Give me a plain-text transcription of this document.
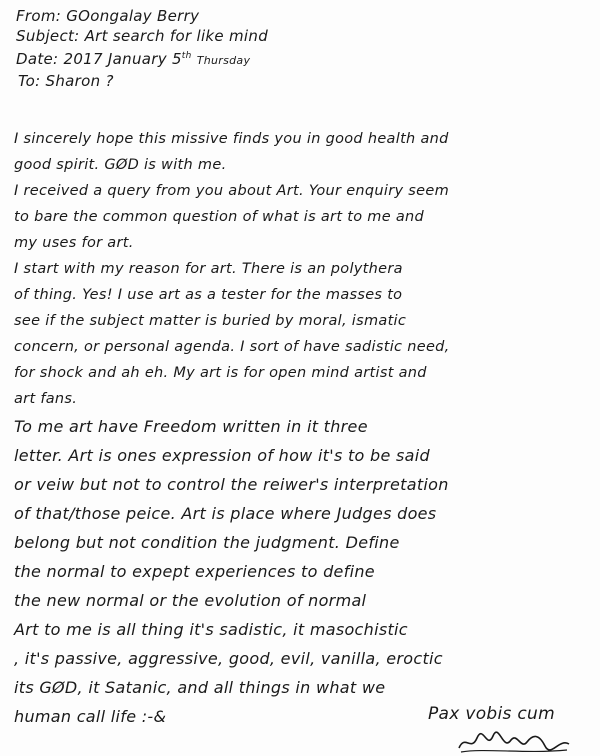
From: GOongalay Berry
Subject: Art search for like mind
Date: 2017 January 5th Thursday
To: Sharon ?
I sincerely hope this missive finds you in good health and
good spirit. GØD is with me.
I received a query from you about Art. Your enquiry seem
to bare the common question of what is art to me and
my uses for art.
I start with my reason for art. There is an polythera
of thing. Yes! I use art as a tester for the masses to
see if the subject matter is buried by moral, ismatic
concern, or personal agenda. I sort of have sadistic need,
for shock and ah eh. My art is for open mind artist and
art fans.
To me art have Freedom written in it three
letter. Art is ones expression of how it's to be said
or veiw but not to control the reiwer's interpretation
of that/those peice. Art is place where Judges does
belong but not condition the judgment. Define
the normal to expept experiences to define
the new normal or the evolution of normal
Art to me is all thing it's sadistic, it masochistic
, it's passive, aggressive, good, evil, vanilla, eroctic
its GØD, it Satanic, and all things in what we
human call life :-&	Pax vobis cum
